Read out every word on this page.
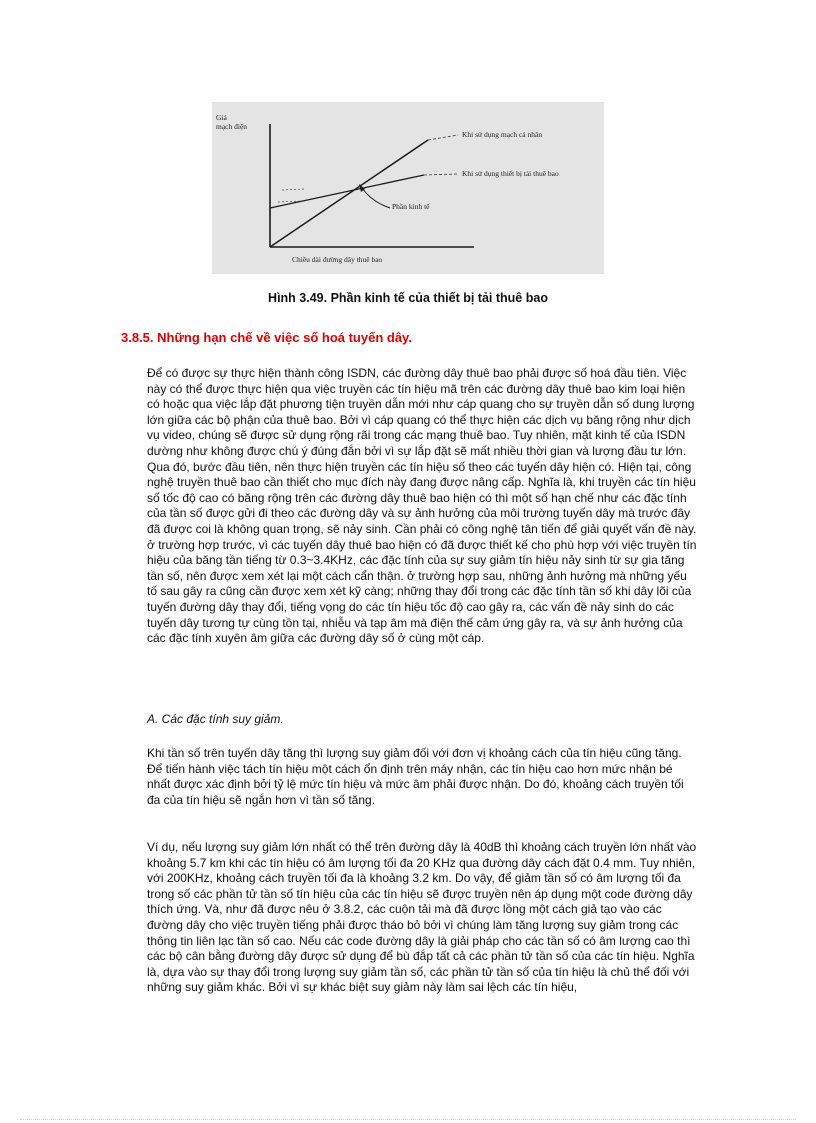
Giá
mạch điện
Khi sử dụng mạch cá nhân
Khi sử dụng thiết bị tải thuê bao
Phần kinh tế
Chiều dài đường dây thuê bao
Hình 3.49. Phần kinh tế của thiết bị tải thuê bao
3.8.5. Những hạn chế về việc số hoá tuyến dây.

Để có được sự thực hiện thành công ISDN, các đường dây thuê bao phải được số hoá đầu tiên. Việc này có thể được thực hiện qua việc truyền các tín hiệu mã trên các đường dây thuê bao kim loại hiện có hoặc qua việc lắp đặt phương tiện truyền dẫn mới như cáp quang cho sự truyền dẫn số dung lượng lớn giữa các bộ phận của thuê bao. Bởi vì cáp quang có thể thực hiện các dịch vụ băng rộng như dịch vụ video, chúng sẽ được sử dụng rộng rãi trong các mạng thuê bao. Tuy nhiên, mặt kinh tế của ISDN dường như không được chú ý đúng đắn bởi vì sự lắp đặt sẽ mất nhiều thời gian và lượng đầu tư lớn. Qua đó, bước đầu tiên, nên thực hiện truyền các tín hiệu số theo các tuyến dây hiện có. Hiện tại, công nghệ truyền thuê bao cần thiết cho mục đích này đang được nâng cấp. Nghĩa là, khi truyền các tín hiệu số tốc độ cao có băng rộng trên các đường dây thuê bao hiện có thì một số hạn chế như các đặc tính của tần số được gửi đi theo các đường dây và sự ảnh hưởng của môi trường tuyến dây mà trước đây đã được coi là không quan trọng, sẽ nảy sinh. Cần phải có công nghệ tân tiến để giải quyết vấn đề này. ở trường hợp trước, vì các tuyến dây thuê bao hiện có đã được thiết kế cho phù hợp với việc truyền tín hiệu của băng tần tiếng từ 0.3~3.4KHz, các đặc tính của sự suy giảm tín hiệu nảy sinh từ sự gia tăng tần số, nên được xem xét lại một cách cẩn thận. ở trường hợp sau, những ảnh hưởng mà những yếu tố sau gây ra cũng cần được xem xét kỹ càng; những thay đổi trong các đặc tính tần số khi dây lõi của tuyến đường dây thay đổi, tiếng vọng do các tín hiệu tốc độ cao gây ra, các vấn đề nảy sinh do các tuyến dây tương tự cùng tồn tại, nhiễu và tạp âm mà điện thế cảm ứng gây ra, và sự ảnh hưởng của các đặc tính xuyên âm giữa các đường dây số ở cùng một cáp.

A. Các đặc tính suy giảm.

Khi tần số trên tuyến dây tăng thì lượng suy giảm đối với đơn vị khoảng cách của tín hiệu cũng tăng. Để tiến hành việc tách tín hiệu một cách ổn định trên máy nhận, các tín hiệu cao hơn mức nhận bé nhất được xác định bởi tỷ lệ mức tín hiệu và mức âm phải được nhận. Do đó, khoảng cách truyền tối đa của tín hiệu sẽ ngắn hơn vì tần số tăng.

Ví dụ, nếu lượng suy giảm lớn nhất có thể trên đường dây là 40dB thì khoảng cách truyền lớn nhất vào khoảng 5.7 km khi các tín hiệu có âm lượng tối đa 20 KHz qua đường dây cách đặt 0.4 mm. Tuy nhiên, với 200KHz, khoảng cách truyền tối đa là khoảng 3.2 km. Do vậy, để giảm tần số có âm lượng tối đa trong số các phần tử tần số tín hiệu của các tín hiệu sẽ được truyền nên áp dụng một code đường dây thích ứng. Và, như đã được nêu ở 3.8.2, các cuộn tải mà đã được lồng một cách giả tạo vào các đường dây cho việc truyền tiếng phải được tháo bỏ bởi vì chúng làm tăng lượng suy giảm trong các thông tin liên lạc tần số cao. Nếu các code đường dây là giải pháp cho các tần số có âm lượng cao thì các bộ cân bằng đường dây được sử dụng để bù đắp tất cả các phần tử tần số của các tín hiệu. Nghĩa là, dựa vào sự thay đổi trong lượng suy giảm tần số, các phần tử tần số của tín hiệu là chủ thể đối với những suy giảm khác. Bởi vì sự khác biệt suy giảm này làm sai lệch các tín hiệu,
